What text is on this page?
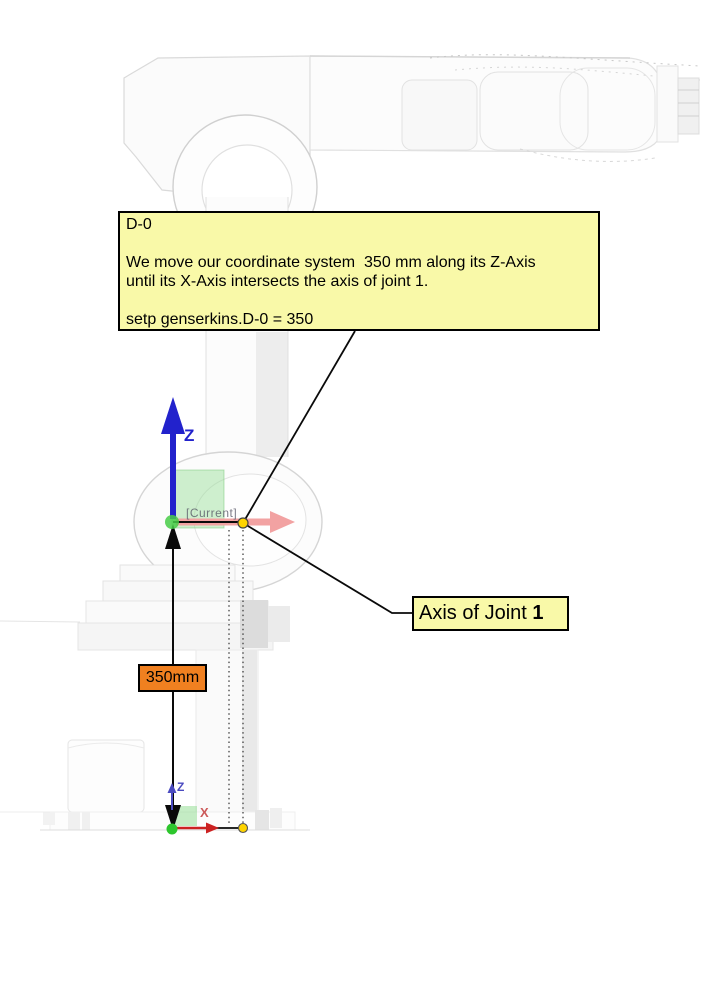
D-0
We move our coordinate system  350 mm along its Z-Axis
until its X-Axis intersects the axis of joint 1.
setp genserkins.D-0 = 350
Axis of Joint 1
350mm
Z
[Current]
Z
X
